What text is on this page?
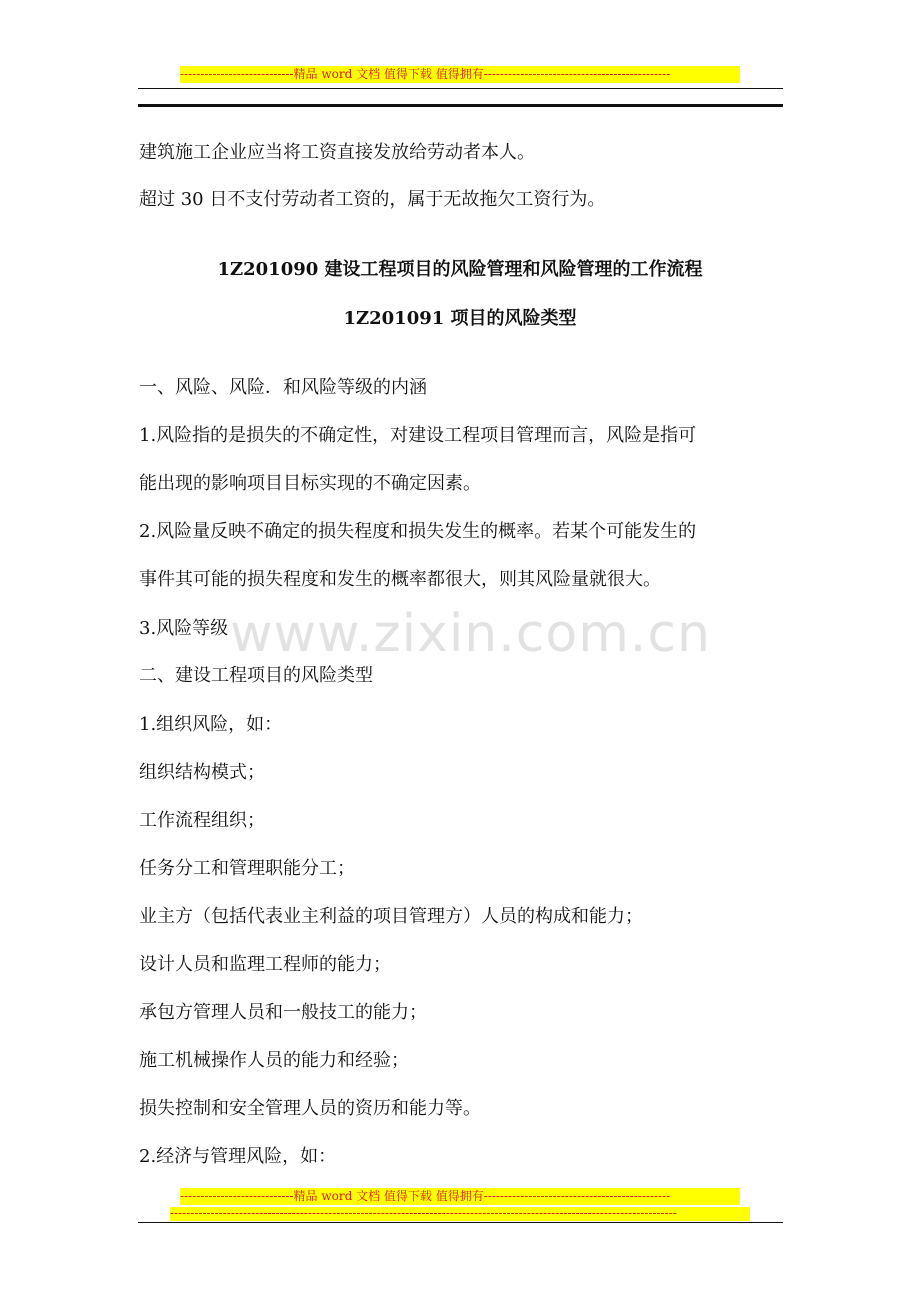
----------------------------精品 word 文档 值得下载 值得拥有----------------------------------------------
建筑施工企业应当将工资直接发放给劳动者本人。
超过 30 日不支付劳动者工资的，属于无故拖欠工资行为。
1Z201090 建设工程项目的风险管理和风险管理的工作流程
1Z201091 项目的风险类型
一、风险、风险．和风险等级的内涵
1.风险指的是损失的不确定性，对建设工程项目管理而言，风险是指可
能出现的影响项目目标实现的不确定因素。
2.风险量反映不确定的损失程度和损失发生的概率。若某个可能发生的
事件其可能的损失程度和发生的概率都很大，则其风险量就很大。
3.风险等级
二、建设工程项目的风险类型
1.组织风险，如：
组织结构模式；
工作流程组织；
任务分工和管理职能分工；
业主方（包括代表业主利益的项目管理方）人员的构成和能力；
设计人员和监理工程师的能力；
承包方管理人员和一般技工的能力；
施工机械操作人员的能力和经验；
损失控制和安全管理人员的资历和能力等。
2.经济与管理风险，如：
www.zixin.com.cn
----------------------------精品 word 文档 值得下载 值得拥有----------------------------------------------
-----------------------------------------------------------------------------------------------------------------------------
